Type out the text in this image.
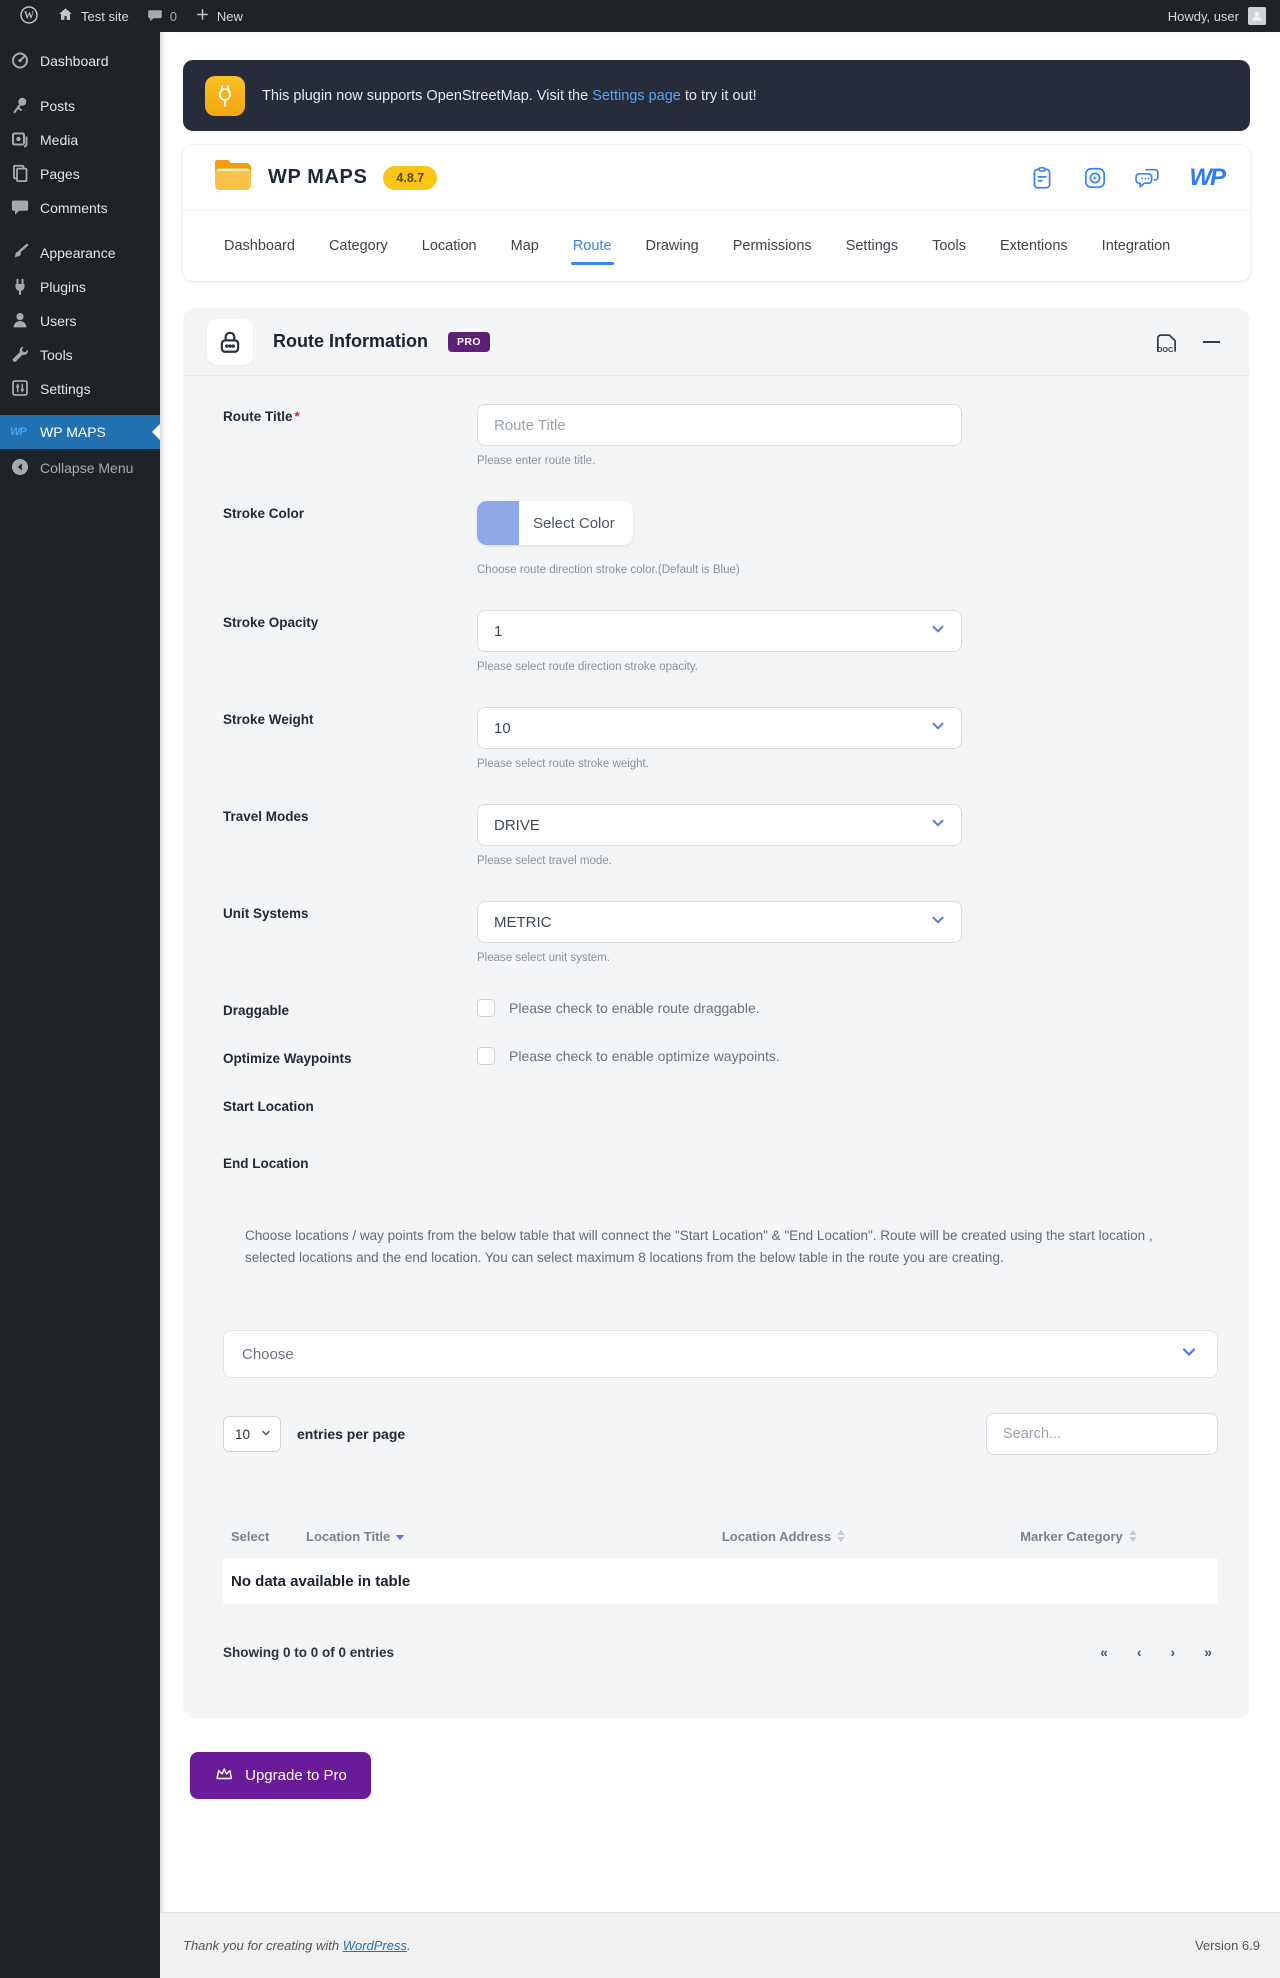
W	Test site	0	New	Howdy, user
Dashboard
Posts
Media
Pages
Comments
Appearance
Plugins
Users
Tools
Settings
WP	WP MAPS
Collapse Menu
This plugin now supports OpenStreetMap. Visit the Settings page to try it out!
WP MAPS	4.8.7	WP
Dashboard Category Location Map Route Drawing Permissions Settings Tools Extentions Integration
Route Information	PRO
DOC
Route Title *
Route Title
Please enter route title.
Stroke Color
Select Color
Choose route direction stroke color.(Default is Blue)
Stroke Opacity	1
Please select route direction stroke opacity.
Stroke Weight	10
Please select route stroke weight.
Travel Modes	DRIVE
Please select travel mode.
Unit Systems	METRIC
Please select unit system.
Draggable	Please check to enable route draggable.
Optimize Waypoints	Please check to enable optimize waypoints.
Start Location
End Location
Choose locations / way points from the below table that will connect the "Start Location" & "End Location". Route will be created using the start location , selected locations and the end location. You can select maximum 8 locations from the below table in the route you are creating.
Choose
10	entries per page
Search...
Select	Location Title	Location Address	Marker Category
No data available in table
Showing 0 to 0 of 0 entries	« ‹ › »
Upgrade to Pro
Thank you for creating with WordPress.	Version 6.9
